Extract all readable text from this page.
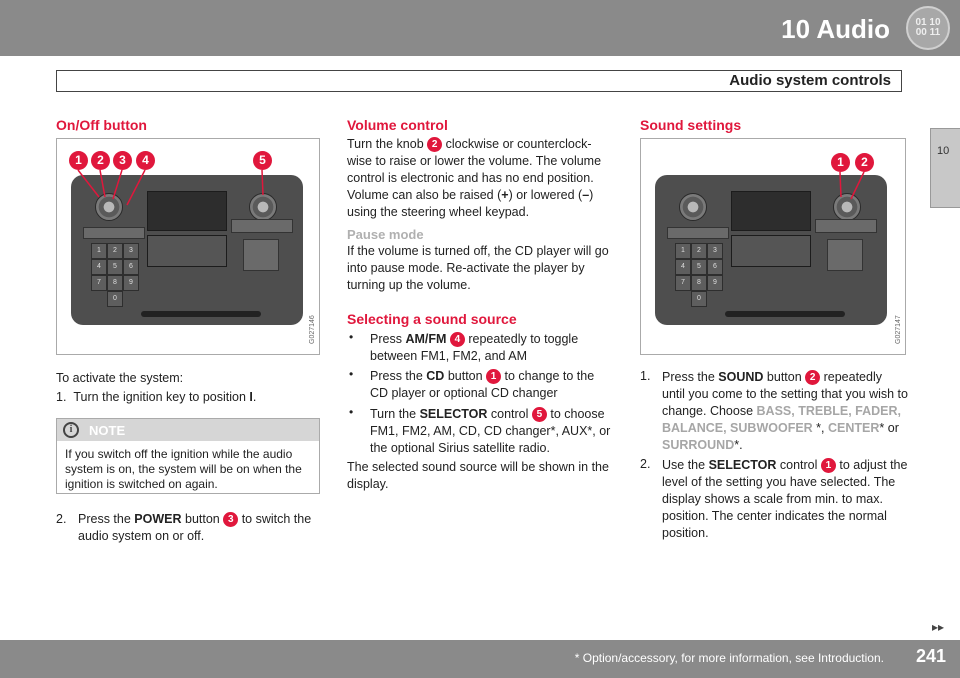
10 Audio	01 10
00 11
Audio system controls
10
On/Off button
1	2	3
4	5	6
7	8	9
0
1	2	3	4	5
G027146
To activate the system:
1. Turn the ignition key to position I.
i	NOTE
If you switch off the ignition while the audio system is on, the system will be on when the ignition is switched on again.
2. Press the POWER button 3 to switch the audio system on or off.
Volume control
Turn the knob 2 clockwise or counterclock-wise to raise or lower the volume. The volume control is electronic and has no end position. Volume can also be raised (+) or lowered (–) using the steering wheel keypad.
Pause mode
If the volume is turned off, the CD player will go into pause mode. Re-activate the player by turning up the volume.
Selecting a sound source
• Press AM/FM 4 repeatedly to toggle between FM1, FM2, and AM
• Press the CD button 1 to change to the CD player or optional CD changer
• Turn the SELECTOR control 5 to choose FM1, FM2, AM, CD, CD changer*, AUX*, or the optional Sirius satellite radio.
The selected sound source will be shown in the display.
Sound settings
1	2	3
4	5	6
7	8	9
0
1	2
G027147
1. Press the SOUND button 2 repeatedly until you come to the setting that you wish to change. Choose BASS, TREBLE, FADER, BALANCE, SUBWOOFER *, CENTER* or SURROUND*.
2. Use the SELECTOR control 1 to adjust the level of the setting you have selected. The display shows a scale from min. to max. position. The center indicates the normal position.
▸▸
* Option/accessory, for more information, see Introduction. 241
